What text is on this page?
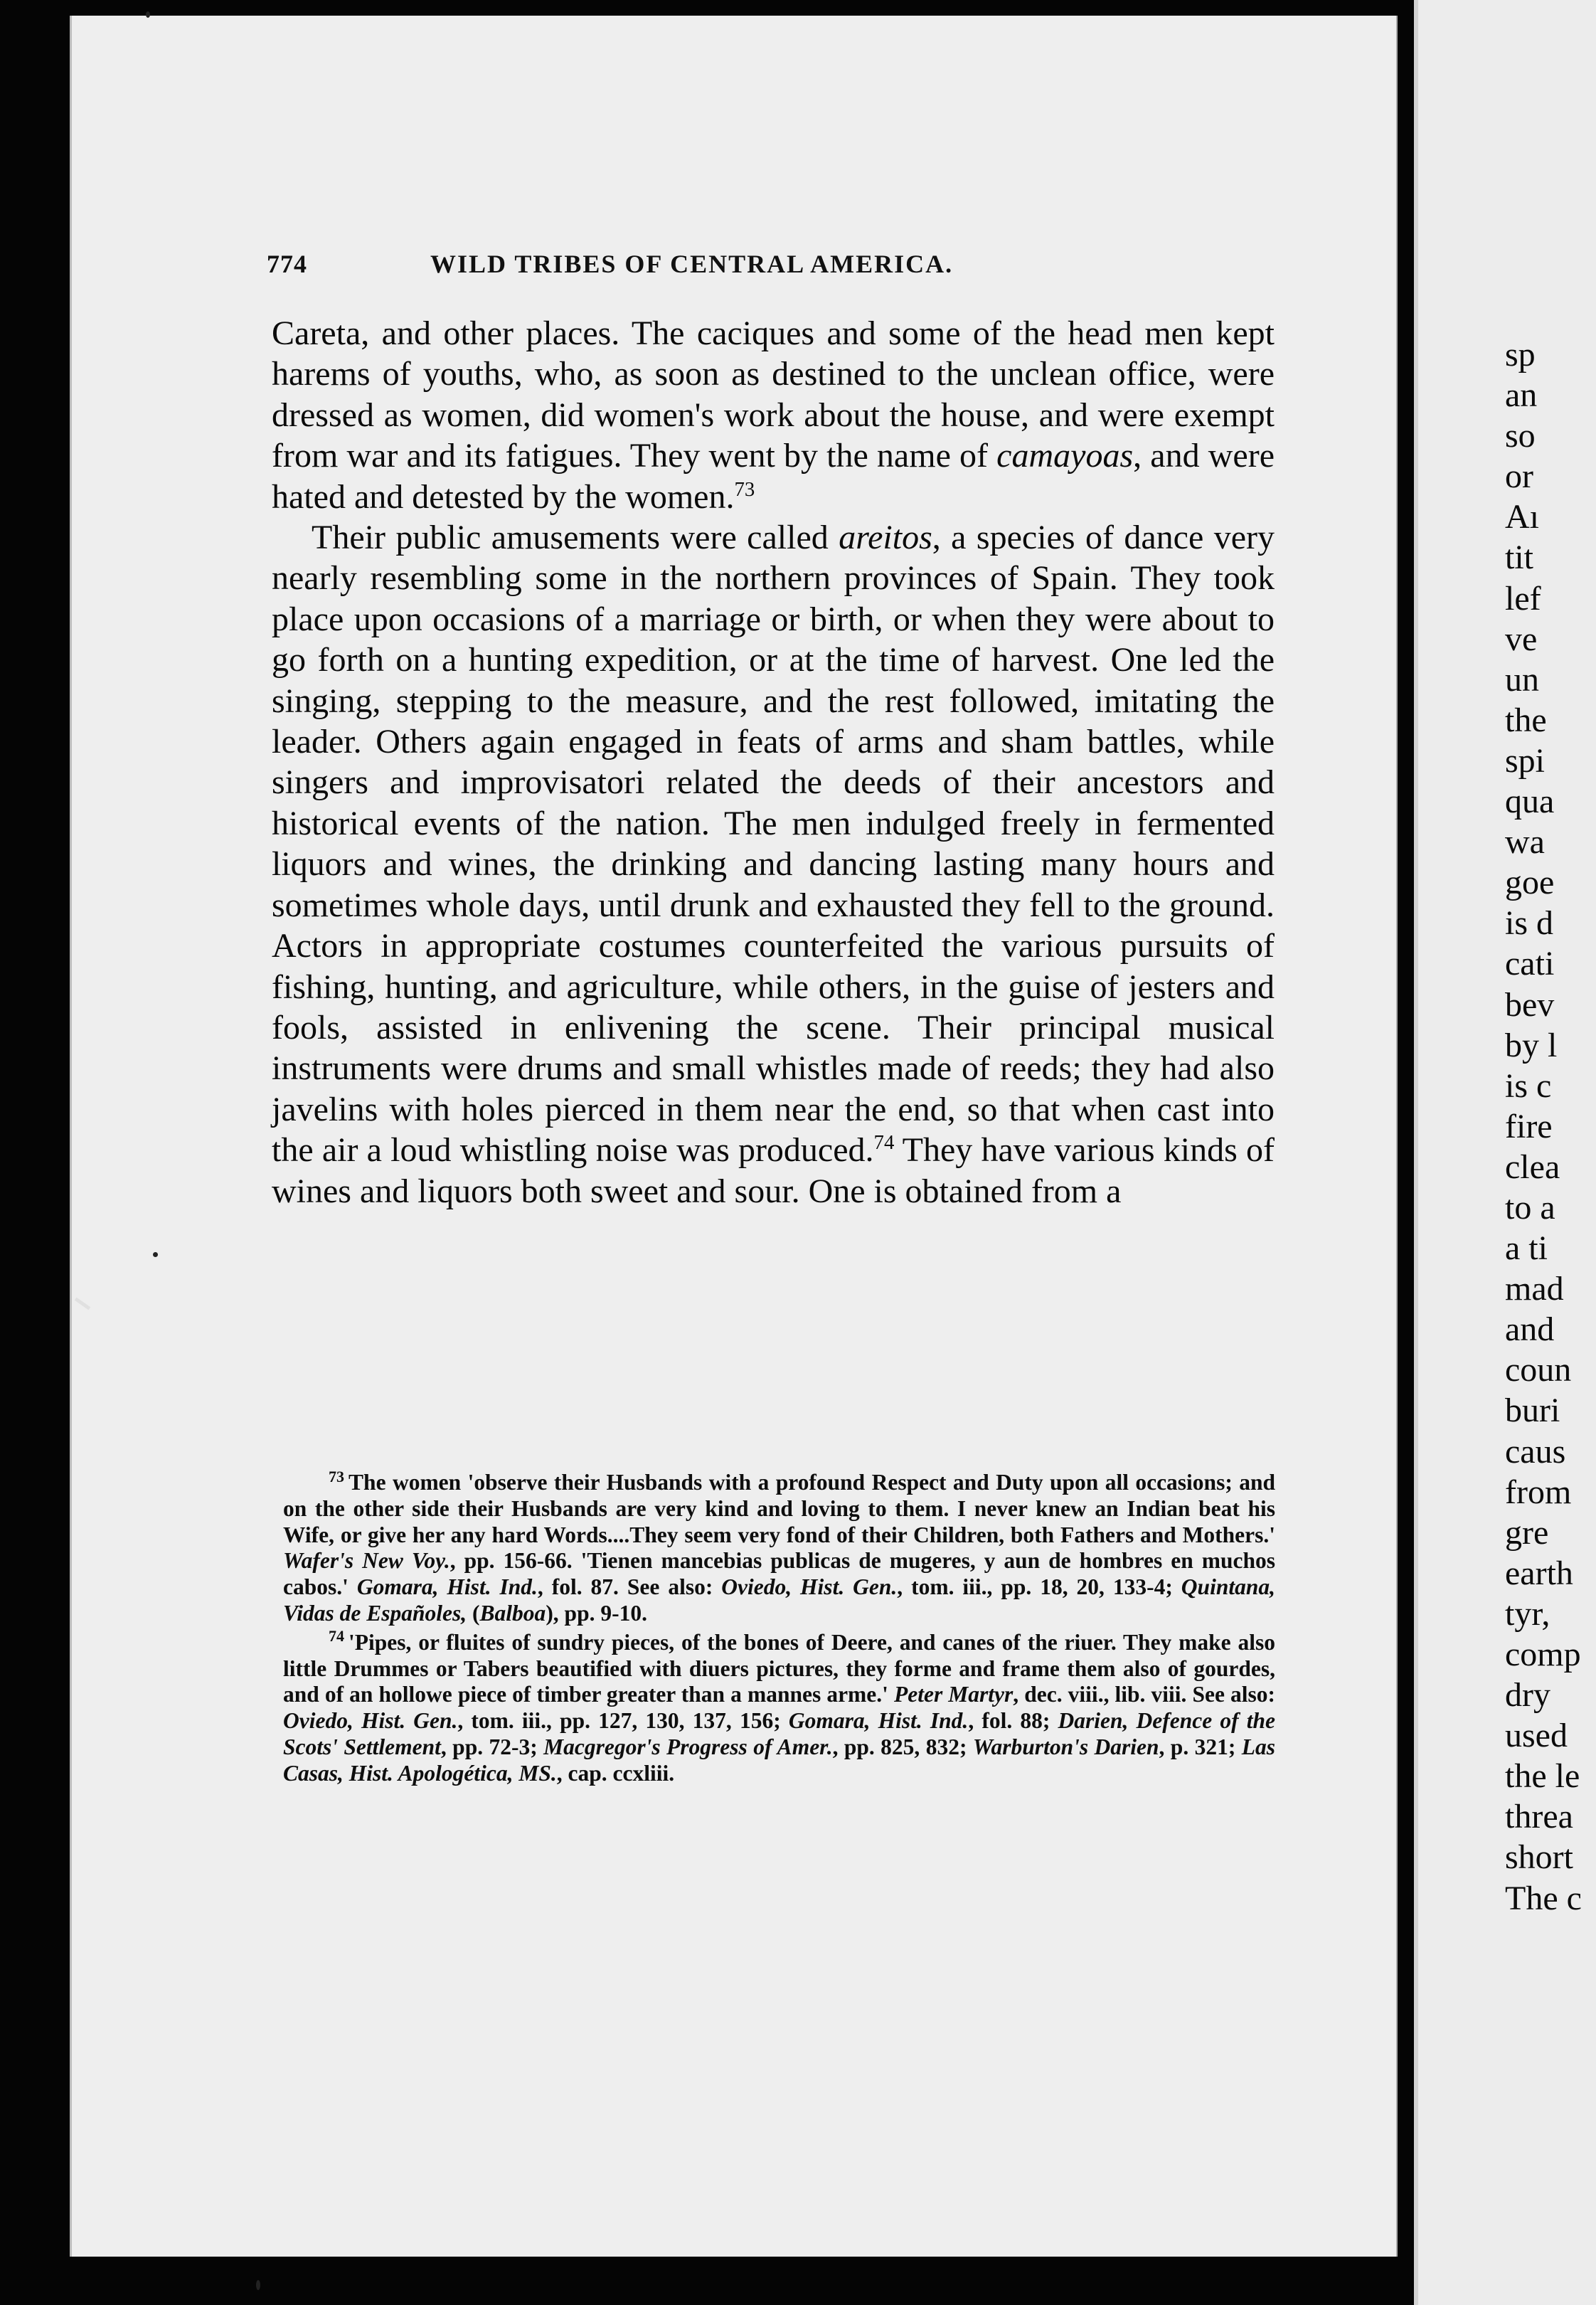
774	WILD TRIBES OF CENTRAL AMERICA.

Careta, and other places. The caciques and some of the head men kept harems of youths, who, as soon as destined to the unclean office, were dressed as women, did women's work about the house, and were exempt from war and its fatigues. They went by the name of camayoas, and were hated and detested by the women.$^{73}$

Their public amusements were called areitos, a species of dance very nearly resembling some in the northern provinces of Spain. They took place upon occasions of a marriage or birth, or when they were about to go forth on a hunting expedition, or at the time of harvest. One led the singing, stepping to the measure, and the rest followed, imitating the leader. Others again engaged in feats of arms and sham battles, while singers and improvisatori related the deeds of their ancestors and historical events of the nation. The men indulged freely in fermented liquors and wines, the drinking and dancing lasting many hours and sometimes whole days, until drunk and exhausted they fell to the ground. Actors in appropriate costumes counterfeited the various pursuits of fishing, hunting, and agriculture, while others, in the guise of jesters and fools, assisted in enlivening the scene. Their principal musical instruments were drums and small whistles made of reeds; they had also javelins with holes pierced in them near the end, so that when cast into the air a loud whistling noise was produced.$^{74}$ They have various kinds of wines and liquors both sweet and sour. One is obtained from a

$^{73}$ The women 'observe their Husbands with a profound Respect and Duty upon all occasions; and on the other side their Husbands are very kind and loving to them. I never knew an Indian beat his Wife, or give her any hard Words....They seem very fond of their Children, both Fathers and Mothers.' Wafer's New Voy., pp. 156-66. 'Tienen mancebias publicas de mugeres, y aun de hombres en muchos cabos.' Gomara, Hist. Ind., fol. 87. See also: Oviedo, Hist. Gen., tom. iii., pp. 18, 20, 133-4; Quintana, Vidas de Españoles, (Balboa), pp. 9-10.

$^{74}$ 'Pipes, or fluites of sundry pieces, of the bones of Deere, and canes of the riuer. They make also little Drummes or Tabers beautified with diuers pictures, they forme and frame them also of gourdes, and of an hollowe piece of timber greater than a mannes arme.' Peter Martyr, dec. viii., lib. viii. See also: Oviedo, Hist. Gen., tom. iii., pp. 127, 130, 137, 156; Gomara, Hist. Ind., fol. 88; Darien, Defence of the Scots' Settlement, pp. 72-3; Macgregor's Progress of Amer., pp. 825, 832; Warburton's Darien, p. 321; Las Casas, Hist. Apologética, MS., cap. ccxliii.

sp
an
so
or
Aı
tit
lef
ve
un
the
spi
qua
wa
goe
is d
cati
bev
by l
is c
fire
clea
to a
a ti
mad
and
coun
buri
caus
from
gre
earth
tyr,
comp
dry
used
the le
threa
short
The c
